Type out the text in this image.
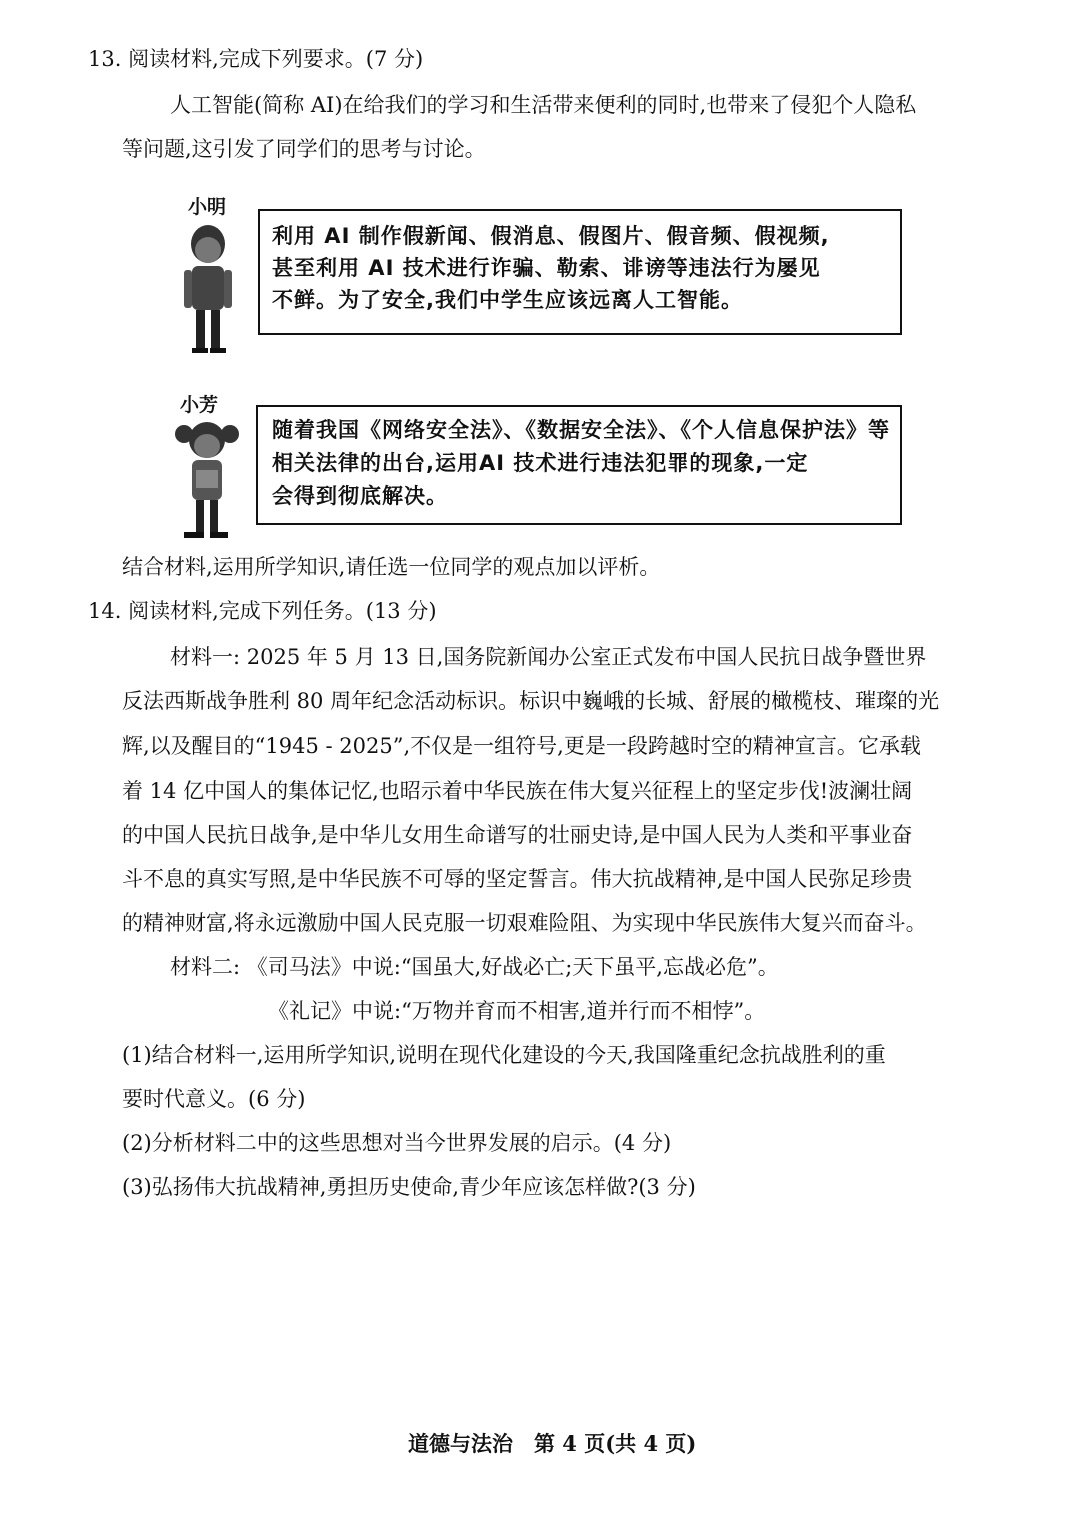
13. 阅读材料,完成下列要求。(7 分)
人工智能(简称 AI)在给我们的学习和生活带来便利的同时,也带来了侵犯个人隐私
等问题,这引发了同学们的思考与讨论。
小明
利用 AI 制作假新闻、假消息、假图片、假音频、假视频,
甚至利用 AI 技术进行诈骗、勒索、诽谤等违法行为屡见
不鲜。为了安全,我们中学生应该远离人工智能。
小芳
随着我国《网络安全法》、《数据安全法》、《个人信息保护法》等
相关法律的出台,运用AI 技术进行违法犯罪的现象,一定
会得到彻底解决。
结合材料,运用所学知识,请任选一位同学的观点加以评析。
14. 阅读材料,完成下列任务。(13 分)
材料一: 2025 年 5 月 13 日,国务院新闻办公室正式发布中国人民抗日战争暨世界
反法西斯战争胜利 80 周年纪念活动标识。标识中巍峨的长城、舒展的橄榄枝、璀璨的光
辉,以及醒目的“1945 - 2025”,不仅是一组符号,更是一段跨越时空的精神宣言。它承载
着 14 亿中国人的集体记忆,也昭示着中华民族在伟大复兴征程上的坚定步伐!波澜壮阔
的中国人民抗日战争,是中华儿女用生命谱写的壮丽史诗,是中国人民为人类和平事业奋
斗不息的真实写照,是中华民族不可辱的坚定誓言。伟大抗战精神,是中国人民弥足珍贵
的精神财富,将永远激励中国人民克服一切艰难险阻、为实现中华民族伟大复兴而奋斗。
材料二: 《司马法》中说:“国虽大,好战必亡;天下虽平,忘战必危”。
《礼记》中说:“万物并育而不相害,道并行而不相悖”。
(1)结合材料一,运用所学知识,说明在现代化建设的今天,我国隆重纪念抗战胜利的重
要时代意义。(6 分)
(2)分析材料二中的这些思想对当今世界发展的启示。(4 分)
(3)弘扬伟大抗战精神,勇担历史使命,青少年应该怎样做?(3 分)
道德与法治　第 4 页(共 4 页)
